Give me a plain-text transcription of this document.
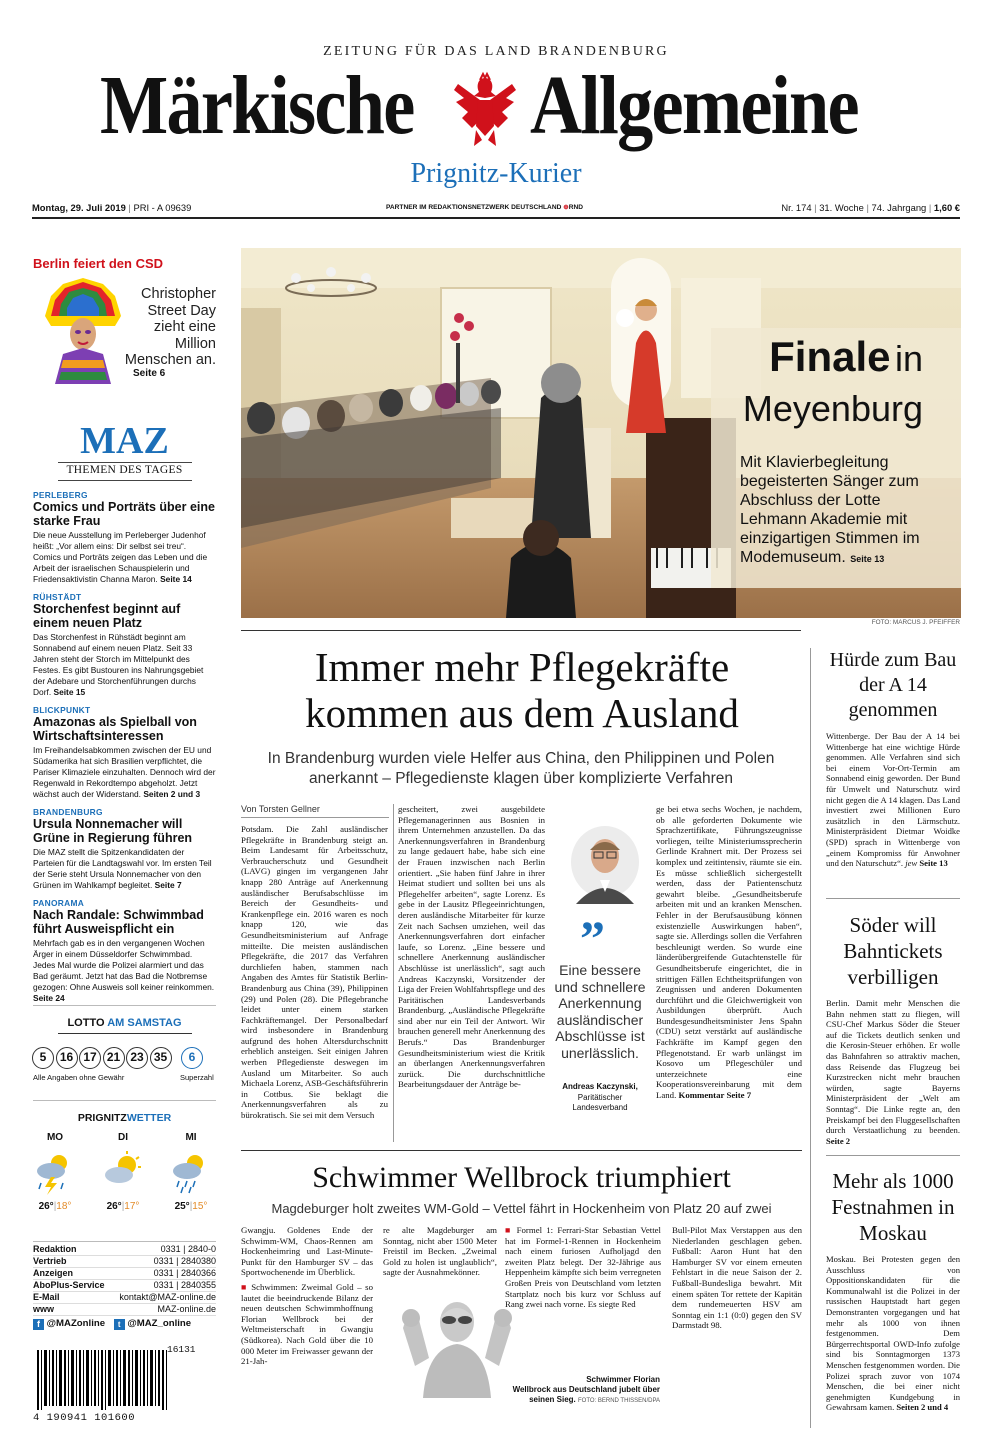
ZEITUNG FÜR DAS LAND BRANDENBURG
Märkische Allgemeine
Prignitz-Kurier
Montag, 29. Juli 2019 | PRI - A 09639	PARTNER IM REDAKTIONSNETZWERK DEUTSCHLAND ⊕RND	Nr. 174 | 31. Woche | 74. Jahrgang | 1,60 €
Berlin feiert den CSD
Christopher Street Day zieht eine Million Menschen an.
Seite 6
MAZ
THEMEN DES TAGES
PERLEBERG
Comics und Porträts über eine starke Frau
Die neue Ausstellung im Perleberger Judenhof heißt: „Vor allem eins: Dir selbst sei treu“. Comics und Porträts zeigen das Leben und die Arbeit der israelischen Schauspielerin und Friedensaktivistin Channa Maron. Seite 14
RÜHSTÄDT
Storchenfest beginnt auf einem neuen Platz
Das Storchenfest in Rühstädt beginnt am Sonnabend auf einem neuen Platz. Seit 33 Jahren steht der Storch im Mittelpunkt des Festes. Es gibt Bustouren ins Nahrungsgebiet der Adebare und Storchenführungen durchs Dorf. Seite 15
BLICKPUNKT
Amazonas als Spielball von Wirtschaftsinteressen
Im Freihandelsabkommen zwischen der EU und Südamerika hat sich Brasilien verpflichtet, die Pariser Klimaziele einzuhalten. Dennoch wird der Regenwald in Rekordtempo abgeholzt. Jetzt wächst auch der Widerstand. Seiten 2 und 3
BRANDENBURG
Ursula Nonnemacher will Grüne in Regierung führen
Die MAZ stellt die Spitzenkandidaten der Parteien für die Landtagswahl vor. Im ersten Teil der Serie steht Ursula Nonnemacher von den Grünen im Wahlkampf begleitet. Seite 7
PANORAMA
Nach Randale: Schwimmbad führt Ausweispflicht ein
Mehrfach gab es in den vergangenen Wochen Ärger in einem Düsseldorfer Schwimmbad. Jedes Mal wurde die Polizei alarmiert und das Bad geräumt. Jetzt hat das Bad die Notbremse gezogen: Ohne Ausweis soll keiner reinkommen. Seite 24
LOTTO AM SAMSTAG
5 16 17 21 23 35 6
Alle Angaben ohne Gewähr	Superzahl
PRIGNITZWETTER
MO
26°|18°
DI
26°|17°
MI
25°|15°
Redaktion	0331 | 2840-0
Vertrieb	0331 | 2840380
Anzeigen	0331 | 2840366
AboPlus-Service	0331 | 2840355
E-Mail	kontakt@MAZ-online.de
www	MAZ-online.de
f @MAZonline t @MAZ_online
16131
4 190941 101600
Finale in
Meyenburg
Mit Klavierbegleitung begeisterten Sänger zum Abschluss der Lotte Lehmann Akademie mit einzigartigen Stimmen im Modemuseum. Seite 13
FOTO: MARCUS J. PFEIFFER
Immer mehr Pflegekräfte kommen aus dem Ausland
In Brandenburg wurden viele Helfer aus China, den Philippinen und Polen anerkannt – Pflegedienste klagen über komplizierte Verfahren
Von Torsten Gellner
Potsdam. Die Zahl ausländischer Pflegekräfte in Brandenburg steigt an. Beim Landesamt für Arbeitsschutz, Verbraucherschutz und Gesundheit (LAVG) gingen im vergangenen Jahr knapp 280 Anträge auf Anerkennung ausländischer Berufsabschlüsse im Bereich der Gesundheits- und Krankenpflege ein. 2016 waren es noch knapp 120, wie das Gesundheitsministerium auf Anfrage mitteilte. Die meisten ausländischen Pflegekräfte, die 2017 das Verfahren durchliefen haben, stammen nach Angaben des Amtes für Statistik Berlin-Brandenburg aus China (39), Philippinen (29) und Polen (28). Die Pflegebranche leidet unter einem starken Fachkräftemangel. Der Personalbedarf wird insbesondere in Brandenburg aufgrund des hohen Altersdurchschnitt erheblich ansteigen. Seit einigen Jahren werben Pflegedienste deswegen im Ausland um Mitarbeiter. So auch Michaela Lorenz, ASB-Geschäftsführerin in Cottbus. Sie beklagt die Anerkennungsverfahren als zu bürokratisch. Sie sei mit dem Versuch
gescheitert, zwei ausgebildete Pflegemanagerinnen aus Bosnien in ihrem Unternehmen anzustellen. Da das Anerkennungsverfahren in Brandenburg zu lange gedauert habe, habe sich eine der Frauen inzwischen nach Berlin orientiert. „Sie haben fünf Jahre in ihrer Heimat studiert und sollten bei uns als Pflegehelfer arbeiten“, sagte Lorenz. Es gebe in der Lausitz Pflegeeinrichtungen, deren ausländische Mitarbeiter für kurze Zeit nach Sachsen umziehen, weil das Anerkennungsverfahren dort einfacher laufe, so Lorenz. „Eine bessere und schnellere Anerkennung ausländischer Abschlüsse ist unerlässlich“, sagt auch Andreas Kaczynski, Vorsitzender der Liga der Freien Wohlfahrtspflege und des Paritätischen Landesverbands Brandenburg. „Ausländische Pflegekräfte sind aber nur ein Teil der Antwort. Wir brauchen generell mehr Anerkennung des Berufs.“ Das Brandenburger Gesundheitsministerium wiest die Kritik an überlangen Anerkennungsverfahren zurück. Die durchschnittliche Bearbeitungsdauer der Anträge be-
”
Eine bessere und schnellere Anerkennung ausländischer Abschlüsse ist unerlässlich.
Andreas Kaczynski,
Paritätischer Landesverband
ge bei etwa sechs Wochen, je nachdem, ob alle geforderten Dokumente wie Sprachzertifikate, Führungszeugnisse vorliegen, teilte Ministeriumssprecherin Gerlinde Krahnert mit. Der Prozess sei komplex und zeitintensiv, räumte sie ein. Es müsse schließlich sichergestellt werden, dass der Patientenschutz gewahrt bleibe. „Gesundheitsberufe arbeiten mit und an kranken Menschen. Fehler in der Berufsausübung können existenzielle Auswirkungen haben“, sagte sie. Allerdings sollen die Verfahren beschleunigt werden. So wurde eine länderübergreifende Gutachtenstelle für Gesundheitsberufe eingerichtet, die in strittigen Fällen Echtheitsprüfungen von Zeugnissen und anderen Dokumenten durchführt und die Gleichwertigkeit von Ausbildungen überprüft. Auch Bundesgesundheitsminister Jens Spahn (CDU) setzt verstärkt auf ausländische Fachkräfte im Kampf gegen den Pflegenotstand. Er warb unlängst im Kosovo um Pflegeschüler und unterzeichnete eine Kooperationsvereinbarung mit dem Land. Kommentar Seite 7
Hürde zum Bau der A 14 genommen
Wittenberge. Der Bau der A 14 bei Wittenberge hat eine wichtige Hürde genommen. Alle Verfahren sind sich bei einem Vor-Ort-Termin am Sonnabend einig geworden. Der Bund für Umwelt und Naturschutz wird nicht gegen die A 14 klagen. Das Land investiert zwei Millionen Euro zusätzlich in den Lärmschutz. Ministerpräsident Dietmar Woidke (SPD) sprach in Wittenberge von „einem Kompromiss für Anwohner und den Naturschutz“. jew Seite 13
Söder will Bahntickets verbilligen
Berlin. Damit mehr Menschen die Bahn nehmen statt zu fliegen, will CSU-Chef Markus Söder die Steuer auf die Tickets deutlich senken und die Kerosin-Steuer erhöhen. Er wolle das Bahnfahren so attraktiv machen, dass Reisende das Flugzeug bei Kurzstrecken nicht mehr brauchen würden, sagte Bayerns Ministerpräsident der „Welt am Sonntag“. Die Linke regte an, den Preiskampf bei den Fluggesellschaften durch Verstaatlichung zu beenden. Seite 2
Mehr als 1000 Festnahmen in Moskau
Moskau. Bei Protesten gegen den Ausschluss von Oppositionskandidaten für die Kommunalwahl ist die Polizei in der russischen Hauptstadt hart gegen Demonstranten vorgegangen und hat mehr als 1000 von ihnen festgenommen. Dem Bürgerrechtsportal OWD-Info zufolge sind bis Sonntagmorgen 1373 Menschen festgenommen worden. Die Polizei sprach zuvor von 1074 Menschen, die bei einer nicht genehmigten Kundgebung in Gewahrsam kamen. Seiten 2 und 4
Schwimmer Wellbrock triumphiert
Magdeburger holt zweites WM-Gold – Vettel fährt in Hockenheim von Platz 20 auf zwei
Gwangju. Goldenes Ende der Schwimm-WM, Chaos-Rennen am Hockenheimring und Last-Minute-Punkt für den Hamburger SV – das Sportwochenende im Überblick.
■ Schwimmen: Zweimal Gold – so lautet die beeindruckende Bilanz der neuen deutschen Schwimmhoffnung Florian Wellbrock bei der Weltmeisterschaft in Gwangju (Südkorea). Nach Gold über die 10 000 Meter im Freiwasser gewann der 21-Jah-
re alte Magdeburger am Sonntag, nicht aber 1500 Meter Freistil im Becken. „Zweimal Gold zu holen ist unglaublich“, sagte der Ausnahmekönner.
Schwimmer Florian
Wellbrock aus Deutschland jubelt über seinen Sieg. FOTO: BERND THISSEN/DPA
■ Formel 1: Ferrari-Star Sebastian Vettel hat im Formel-1-Rennen in Hockenheim nach einem furiosen Aufholjagd den zweiten Platz belegt. Der 32-Jährige aus Heppenheim kämpfte sich beim verregneten Großen Preis von Deutschland vom letzten Startplatz noch bis kurz vor Schluss auf Rang zwei nach vorne. Es siegte Red
Bull-Pilot Max Verstappen aus den Niederlanden geschlagen geben. Fußball: Aaron Hunt hat den Hamburger SV vor einem erneuten Fehlstart in die neue Saison der 2. Fußball-Bundesliga bewahrt. Mit einem späten Tor rettete der Kapitän dem rundemeuerten HSV am Sonntag ein 1:1 (0:0) gegen den SV Darmstadt 98.
